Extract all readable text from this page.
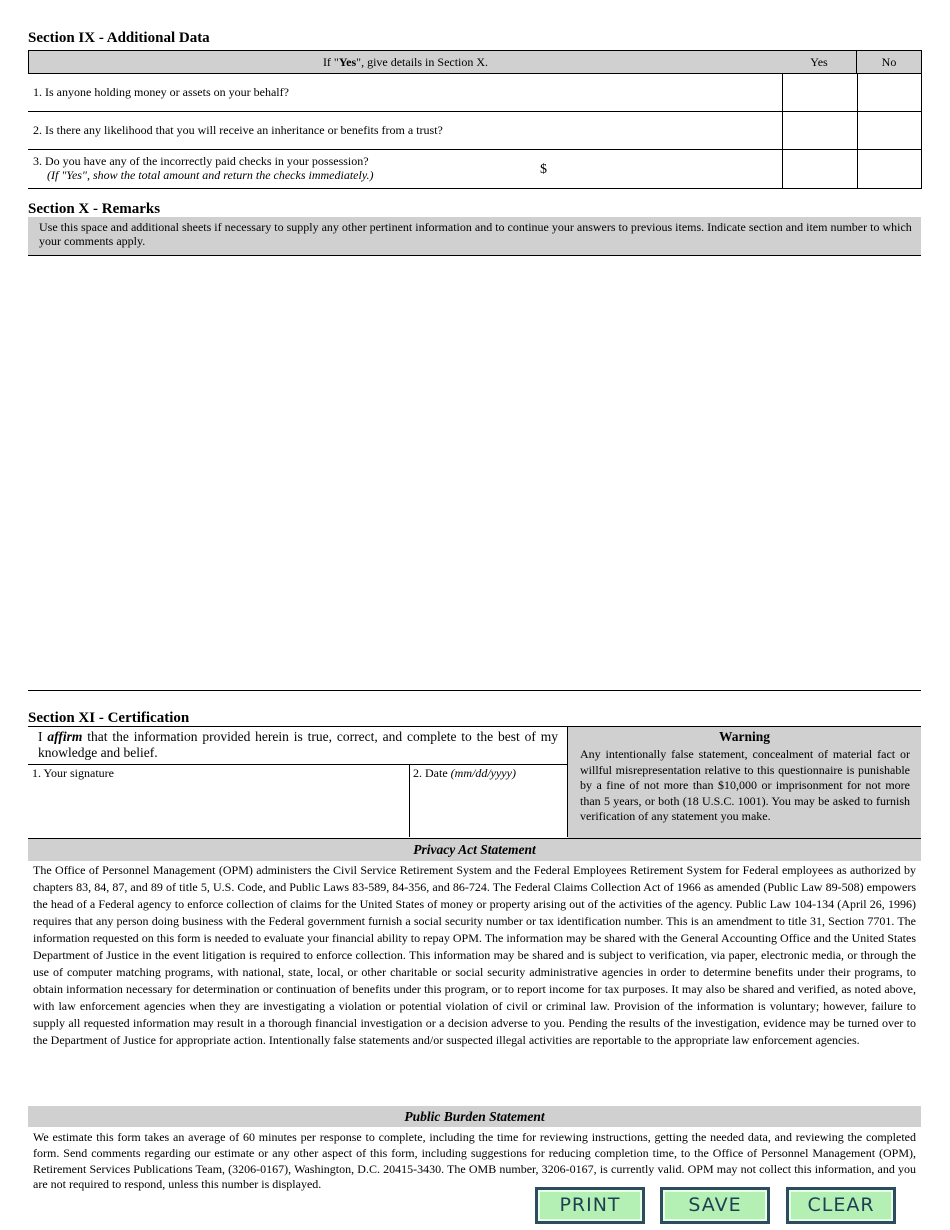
Section IX - Additional Data
If "Yes", give details in Section X.	Yes	No
1. Is anyone holding money or assets on your behalf?
2. Is there any likelihood that you will receive an inheritance or benefits from a trust?
3. Do you have any of the incorrectly paid checks in your possession?
(If "Yes", show the total amount and return the checks immediately.)	$
Section X - Remarks
Use this space and additional sheets if necessary to supply any other pertinent information and to continue your answers to previous items. Indicate section and item number to which your comments apply.
Section XI - Certification
I affirm that the information provided herein is true, correct, and complete to the best of my knowledge and belief.
1. Your signature	2. Date (mm/dd/yyyy)
Warning
Any intentionally false statement, concealment of material fact or willful misrepresentation relative to this questionnaire is punishable by a fine of not more than $10,000 or imprisonment for not more than 5 years, or both (18 U.S.C. 1001). You may be asked to furnish verification of any statement you make.
Privacy Act Statement
The Office of Personnel Management (OPM) administers the Civil Service Retirement System and the Federal Employees Retirement System for Federal employees as authorized by chapters 83, 84, 87, and 89 of title 5, U.S. Code, and Public Laws 83-589, 84-356, and 86-724. The Federal Claims Collection Act of 1966 as amended (Public Law 89-508) empowers the head of a Federal agency to enforce collection of claims for the United States of money or property arising out of the activities of the agency. Public Law 104-134 (April 26, 1996) requires that any person doing business with the Federal government furnish a social security number or tax identification number. This is an amendment to title 31, Section 7701. The information requested on this form is needed to evaluate your financial ability to repay OPM. The information may be shared with the General Accounting Office and the United States Department of Justice in the event litigation is required to enforce collection. This information may be shared and is subject to verification, via paper, electronic media, or through the use of computer matching programs, with national, state, local, or other charitable or social security administrative agencies in order to determine benefits under their programs, to obtain information necessary for determination or continuation of benefits under this program, or to report income for tax purposes. It may also be shared and verified, as noted above, with law enforcement agencies when they are investigating a violation or potential violation of civil or criminal law. Provision of the information is voluntary; however, failure to supply all requested information may result in a thorough financial investigation or a decision adverse to you. Pending the results of the investigation, evidence may be turned over to the Department of Justice for appropriate action. Intentionally false statements and/or suspected illegal activities are reportable to the appropriate law enforcement agencies.
Public Burden Statement
We estimate this form takes an average of 60 minutes per response to complete, including the time for reviewing instructions, getting the needed data, and reviewing the completed form. Send comments regarding our estimate or any other aspect of this form, including suggestions for reducing completion time, to the Office of Personnel Management (OPM), Retirement Services Publications Team, (3206-0167), Washington, D.C. 20415-3430. The OMB number, 3206-0167, is currently valid. OPM may not collect this information, and you are not required to respond, unless this number is displayed.
PRINT	SAVE	CLEAR
